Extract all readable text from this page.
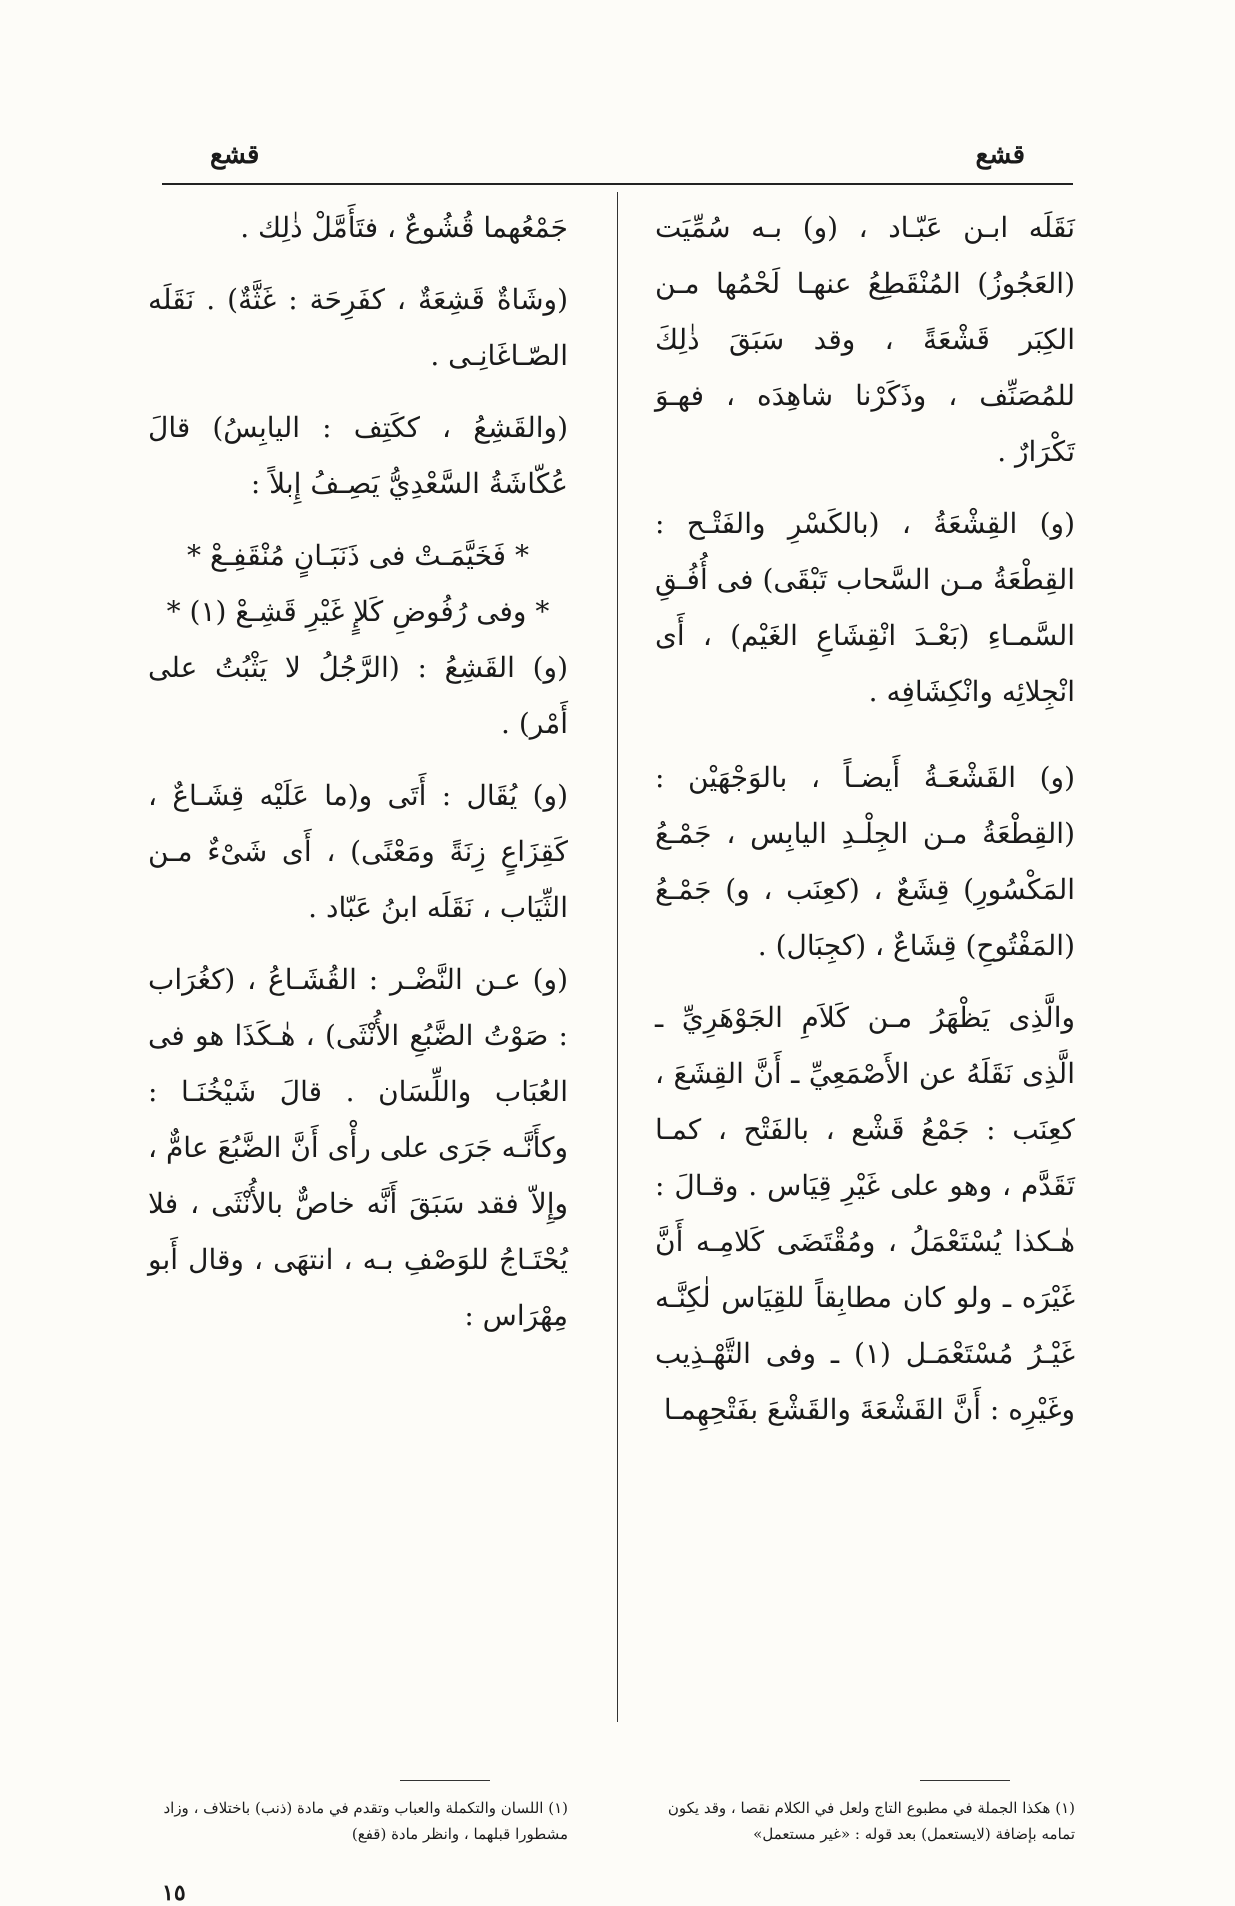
قشع	قشع

نَقَلَه ابـن عَبّـاد ، (و) بـه سُمِّيَت (العَجُوزُ) المُنْقَطِعُ عنهـا لَحْمُها مـن الكِبَر قَشْعَةً ، وقد سَبَقَ ذٰلِكَ للمُصَنِّف ، وذَكَرْنا شاهِدَه ، فهـوَ تَكْرَارٌ .

(و) القِشْعَةُ ، (بالكَسْرِ والفَتْـح : القِطْعَةُ مـن السَّحاب تَبْقَى) فى أُفُـقِ السَّمـاءِ (بَعْـدَ انْقِشَاعِ الغَيْم) ، أَى انْجِلائِه وانْكِشَافِه .

(و) القَشْعَـةُ أَيضـاً ، بالوَجْهَيْن : (القِطْعَةُ مـن الجِلْـدِ اليابِس ، جَمْـعُ المَكْسُورِ) قِشَعٌ ، (كعِنَب ، و) جَمْـعُ (المَفْتُوحِ) قِشَاعٌ ، (كجِبَال) .

والَّذِى يَظْهَرُ مـن كَلاَمِ الجَوْهَرِيِّ ـ الَّذِى نَقَلَهُ عن الأَصْمَعِيِّ ـ أَنَّ القِشَعَ ، كعِنَب : جَمْعُ قَشْع ، بالفَتْح ، كمـا تَقَدَّم ، وهو على غَيْرِ قِيَاس . وقـالَ : هٰـكذا يُسْتَعْمَلُ ، ومُقْتَضَى كَلامِـه أَنَّ غَيْرَه ـ ولو كان مطابِقاً للقِيَاس لٰكِنَّـه غَيْـرُ مُسْتَعْمَـل (١) ـ وفى التَّهْـذِيب وغَيْرِه : أَنَّ القَشْعَةَ والقَشْعَ بفَتْحِهِمـا

جَمْعُهما قُشُوعٌ ، فتَأَمَّلْ ذٰلِك .

(وشَاةٌ قَشِعَةٌ ، كفَرِحَة : غَثَّةٌ) . نَقَلَه الصّـاغَانِـى .

(والقَشِعُ ، ككَتِف : اليابِسُ) قالَ عُكّاشَةُ السَّعْدِيُّ يَصِـفُ إِبلاً :

* فَخَيَّمَـتْ فى ذَنَبَـانٍ مُنْقَفِـعْ *

* وفى رُفُوضِ كَلإٍ غَيْرِ قَشِـعْ (١) *

(و) القَشِعُ : (الرَّجُلُ لا يَثْبُتُ على أَمْر) .

(و) يُقَال : أَتَى و(ما عَلَيْه قِشَـاعٌ ، كَقِزَاعٍ زِنَةً ومَعْنًى) ، أَى شَىْءٌ مـن الثِّيَاب ، نَقَلَه ابنُ عَبّاد .

(و) عـن النَّضْـر : القُشَـاعُ ، (كغُرَاب : صَوْتُ الضَّبُعِ الأُنْثَى) ، هٰـكَذَا هو فى العُبَاب واللِّسَان . قالَ شَيْخُنَـا : وكأَنَّـه جَرَى على رأْى أَنَّ الضَّبُعَ عامٌّ ، وإِلاّ فقد سَبَقَ أَنَّه خاصٌّ بالأُنْثَى ، فلا يُحْتَـاجُ للوَصْفِ بـه ، انتهَى ، وقال أَبو مِهْرَاس :

(١) هكذا الجملة في مطبوع التاج ولعل في الكلام نقصا ، وقد يكون تمامه بإضافة (لايستعمل) بعد قوله : «غير مستعمل»
(١) اللسان والتكملة والعباب وتقدم في مادة (ذنب) باختلاف ، وزاد مشطورا قبلهما ، وانظر مادة (قفع)
١٥
